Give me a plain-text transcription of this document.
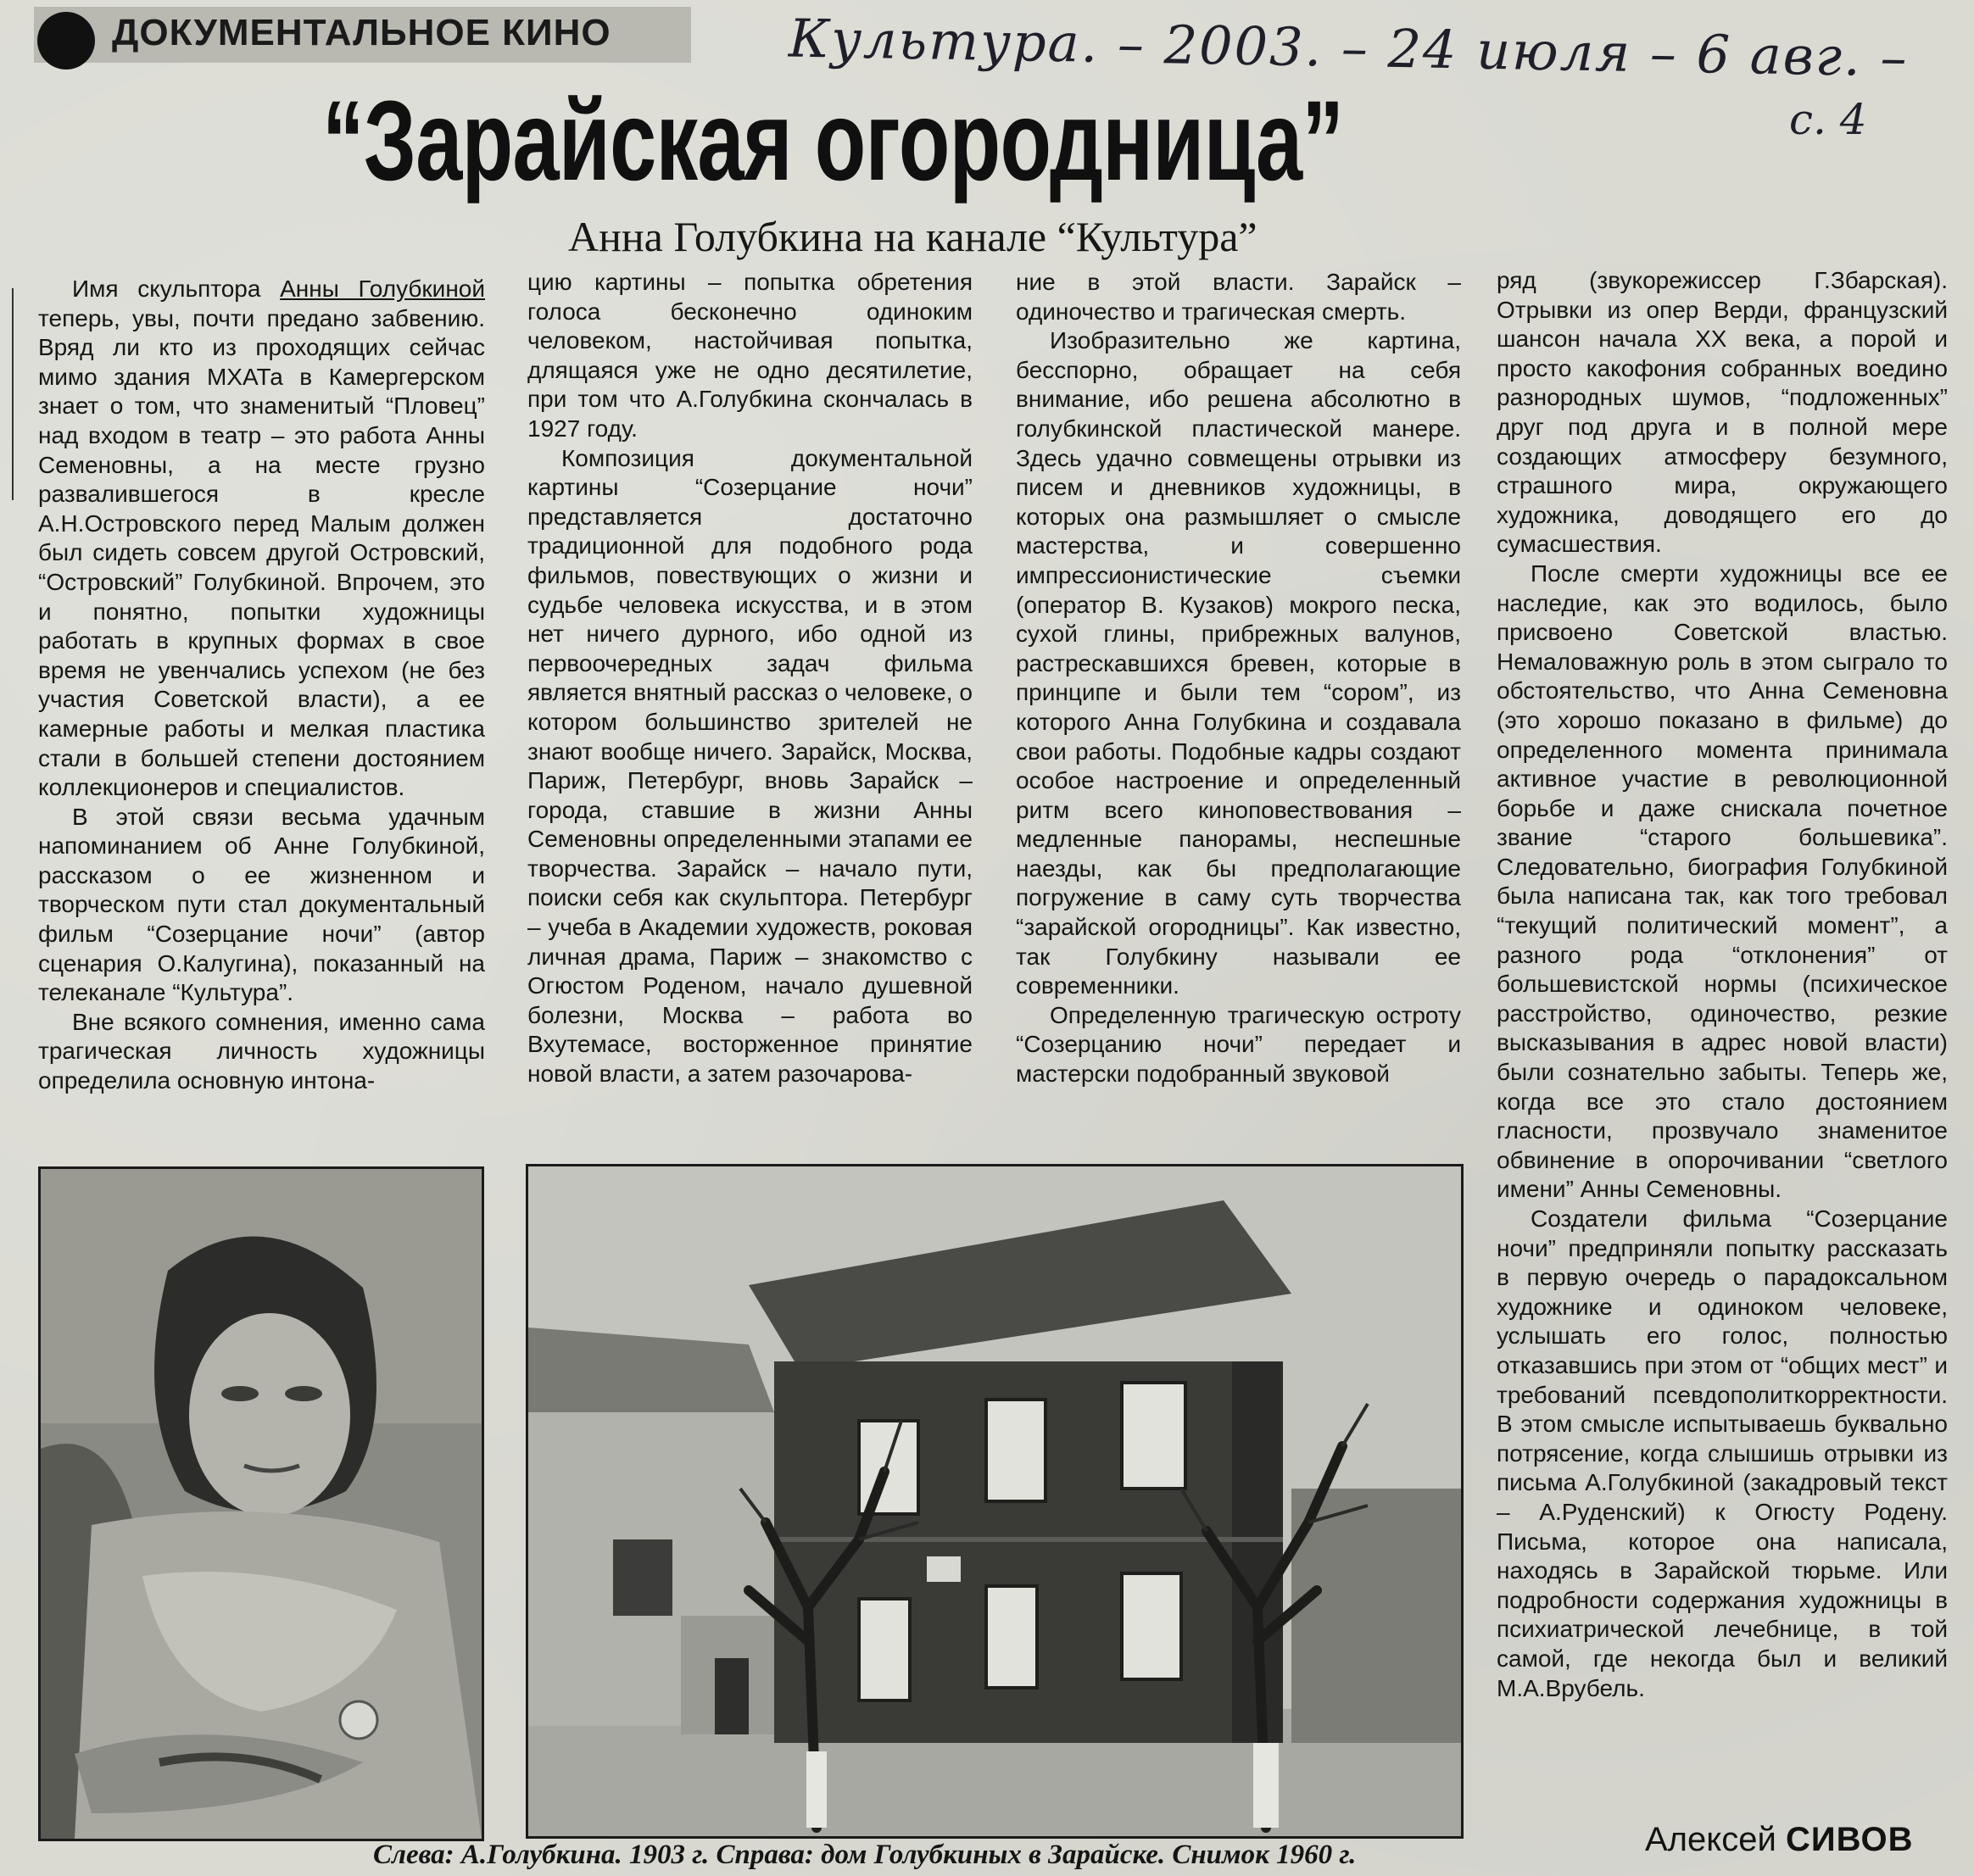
ДОКУМЕНТАЛЬНОЕ КИНО	Культура. – 2003. – 24 июля – 6 авг. –
с. 4
“Зарайская огородница”
Анна Голубкина на канале “Культура”

Имя скульптора Анны Голубкиной теперь, увы, почти предано забвению. Вряд ли кто из проходящих сейчас мимо здания МХАТа в Камергерском знает о том, что знаменитый “Пловец” над входом в театр – это работа Анны Семеновны, а на месте грузно развалившегося в кресле А.Н.Островского перед Малым должен был сидеть совсем другой Островский, “Островский” Голубкиной. Впрочем, это и понятно, попытки художницы работать в крупных формах в свое время не увенчались успехом (не без участия Советской власти), а ее камерные работы и мелкая пластика стали в большей степени достоянием коллекционеров и специалистов.

В этой связи весьма удачным напоминанием об Анне Голубкиной, рассказом о ее жизненном и творческом пути стал документальный фильм “Созерцание ночи” (автор сценария О.Калугина), показанный на телеканале “Культура”.

Вне всякого сомнения, именно сама трагическая личность художницы определила основную интона-

цию картины – попытка обретения голоса бесконечно одиноким человеком, настойчивая попытка, длящаяся уже не одно десятилетие, при том что А.Голубкина скончалась в 1927 году.

Композиция документальной картины “Созерцание ночи” представляется достаточно традиционной для подобного рода фильмов, повествующих о жизни и судьбе человека искусства, и в этом нет ничего дурного, ибо одной из первоочередных задач фильма является внятный рассказ о человеке, о котором большинство зрителей не знают вообще ничего. Зарайск, Москва, Париж, Петербург, вновь Зарайск – города, ставшие в жизни Анны Семеновны определенными этапами ее творчества. Зарайск – начало пути, поиски себя как скульптора. Петербург – учеба в Академии художеств, роковая личная драма, Париж – знакомство с Огюстом Роденом, начало душевной болезни, Москва – работа во Вхутемасе, восторженное принятие новой власти, а затем разочарова-

ние в этой власти. Зарайск – одиночество и трагическая смерть.

Изобразительно же картина, бесспорно, обращает на себя внимание, ибо решена абсолютно в голубкинской пластической манере. Здесь удачно совмещены отрывки из писем и дневников художницы, в которых она размышляет о смысле мастерства, и совершенно импрессионистические съемки (оператор В. Кузаков) мокрого песка, сухой глины, прибрежных валунов, растрескавшихся бревен, которые в принципе и были тем “сором”, из которого Анна Голубкина и создавала свои работы. Подобные кадры создают особое настроение и определенный ритм всего киноповествования – медленные панорамы, неспешные наезды, как бы предполагающие погружение в саму суть творчества “зарайской огородницы”. Как известно, так Голубкину называли ее современники.

Определенную трагическую остроту “Созерцанию ночи” передает и мастерски подобранный звуковой

ряд (звукорежиссер Г.Збарская). Отрывки из опер Верди, французский шансон начала XX века, а порой и просто какофония собранных воедино разнородных шумов, “подложенных” друг под друга и в полной мере создающих атмосферу безумного, страшного мира, окружающего художника, доводящего его до сумасшествия.

После смерти художницы все ее наследие, как это водилось, было присвоено Советской властью. Немаловажную роль в этом сыграло то обстоятельство, что Анна Семеновна (это хорошо показано в фильме) до определенного момента принимала активное участие в революционной борьбе и даже снискала почетное звание “старого большевика”. Следовательно, биография Голубкиной была написана так, как того требовал “текущий политический момент”, а разного рода “отклонения” от большевистской нормы (психическое расстройство, одиночество, резкие высказывания в адрес новой власти) были сознательно забыты. Теперь же, когда все это стало достоянием гласности, прозвучало знаменитое обвинение в опорочивании “светлого имени” Анны Семеновны.

Создатели фильма “Созерцание ночи” предприняли попытку рассказать в первую очередь о парадоксальном художнике и одиноком человеке, услышать его голос, полностью отказавшись при этом от “общих мест” и требований псевдополиткорректности. В этом смысле испытываешь буквально потрясение, когда слышишь отрывки из письма А.Голубкиной (закадровый текст – А.Руденский) к Огюсту Родену. Письма, которое она написала, находясь в Зарайской тюрьме. Или подробности содержания художницы в психиатрической лечебнице, в той самой, где некогда был и великий М.А.Врубель.

Слева: А.Голубкина. 1903 г. Справа: дом Голубкиных в Зарайске. Снимок 1960 г.	Алексей СИВОВ
